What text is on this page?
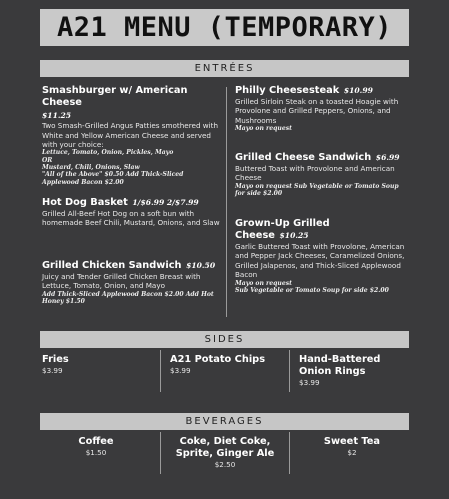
A21 MENU (TEMPORARY)
ENTRÉES
Smashburger w/ American Cheese
$11.25
Two Smash-Grilled Angus Patties smothered with White and Yellow American Cheese and served with your choice:
Lettuce, Tomato, Onion, Pickles, Mayo
OR
Mustard, Chili, Onions, Slaw
"All of the Above" $0.50 Add Thick-Sliced Applewood Bacon $2.00
Hot Dog Basket 1/$6.99 2/$7.99
Grilled All-Beef Hot Dog on a soft bun with homemade Beef Chili, Mustard, Onions, and Slaw
Grilled Chicken Sandwich $10.50
Juicy and Tender Grilled Chicken Breast with Lettuce, Tomato, Onion, and Mayo
Add Thick-Sliced Applewood Bacon $2.00 Add Hot Honey $1.50
Philly Cheesesteak $10.99
Grilled Sirloin Steak on a toasted Hoagie with Provolone and Grilled Peppers, Onions, and Mushrooms
Mayo on request
Grilled Cheese Sandwich $6.99
Buttered Toast with Provolone and American Cheese
Mayo on request Sub Vegetable or Tomato Soup for side $2.00
Grown-Up Grilled Cheese $10.25
Garlic Buttered Toast with Provolone, American and Pepper Jack Cheeses, Caramelized Onions, Grilled Jalapenos, and Thick-Sliced Applewood Bacon
Mayo on request
Sub Vegetable or Tomato Soup for side $2.00
SIDES
Fries
$3.99
A21 Potato Chips
$3.99
Hand-Battered Onion Rings
$3.99
BEVERAGES
Coffee
$1.50
Coke, Diet Coke, Sprite, Ginger Ale
$2.50
Sweet Tea
$2
